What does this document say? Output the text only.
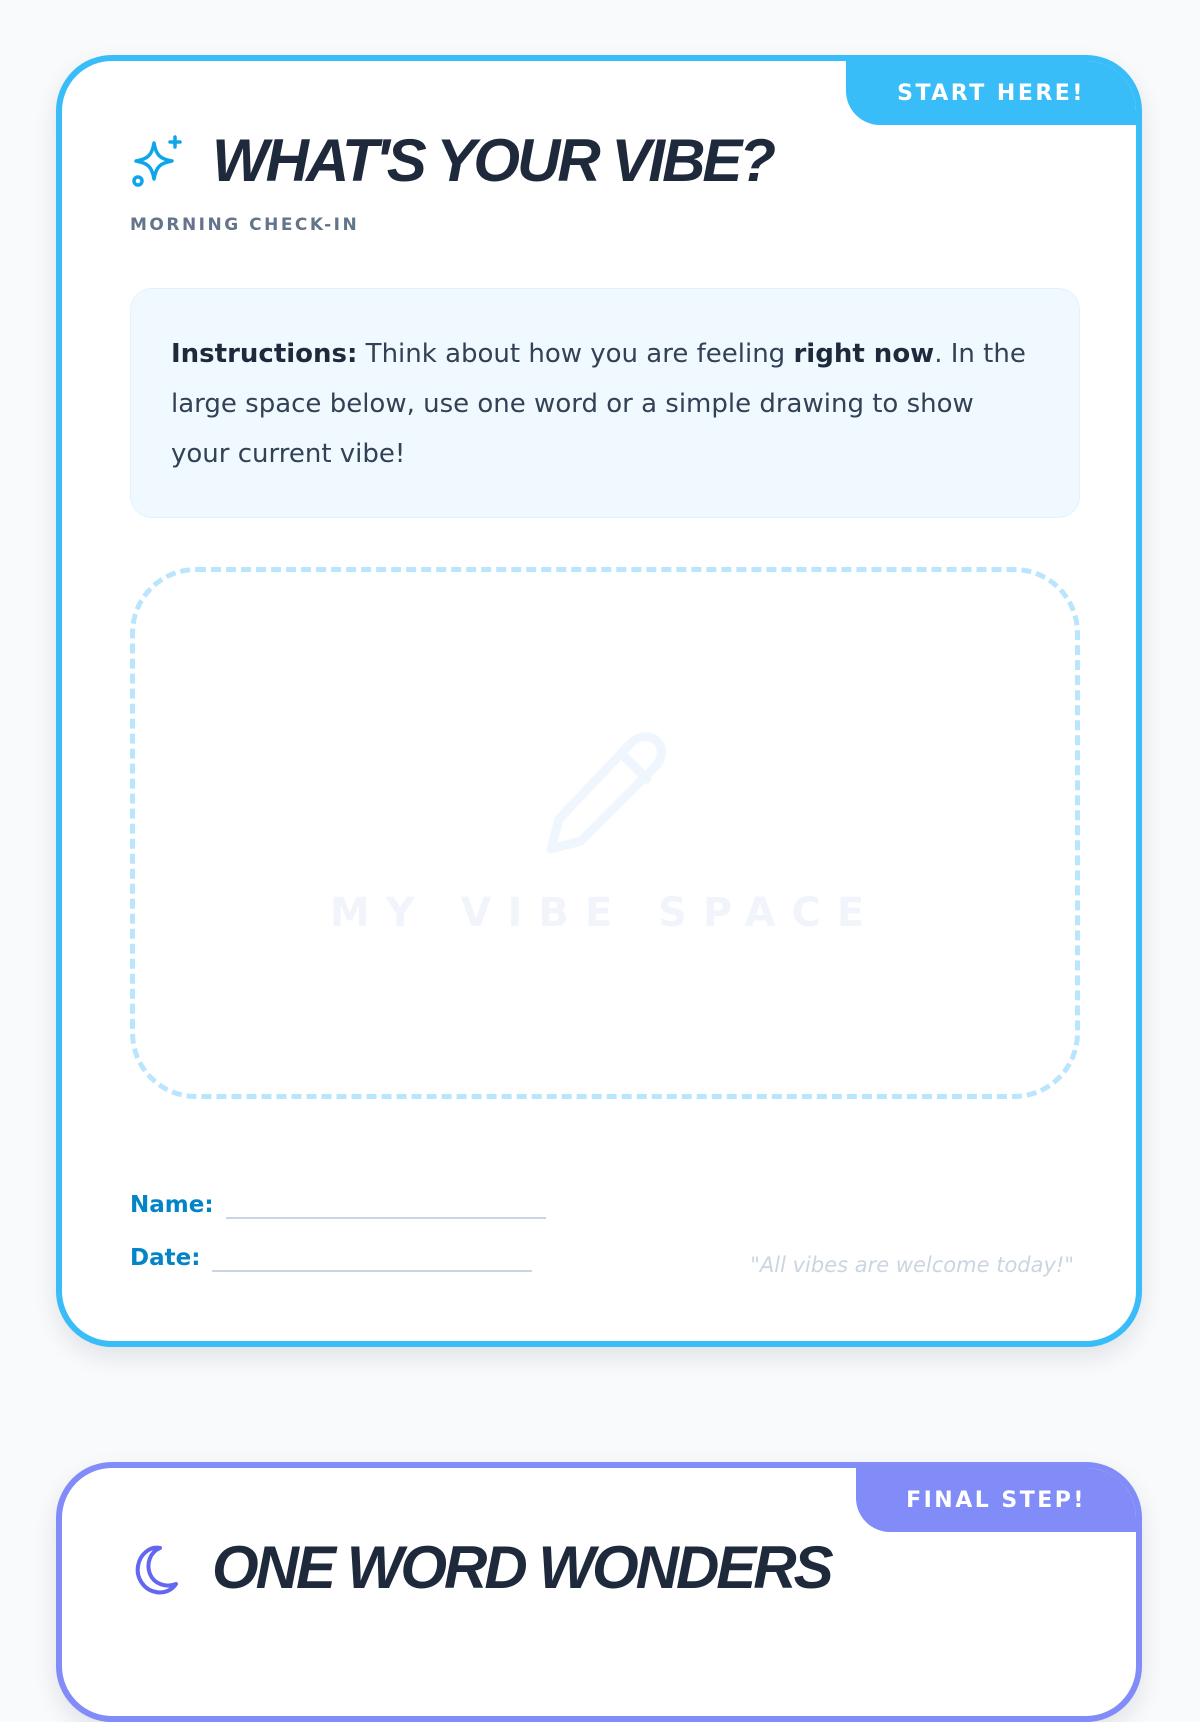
START HERE!
WHAT'S YOUR VIBE?
MORNING CHECK-IN
Instructions: Think about how you are feeling right now. In the large space below, use one word or a simple drawing to show your current vibe!
MY VIBE SPACE
Name:
Date:	"All vibes are welcome today!"
FINAL STEP!
ONE WORD WONDERS
